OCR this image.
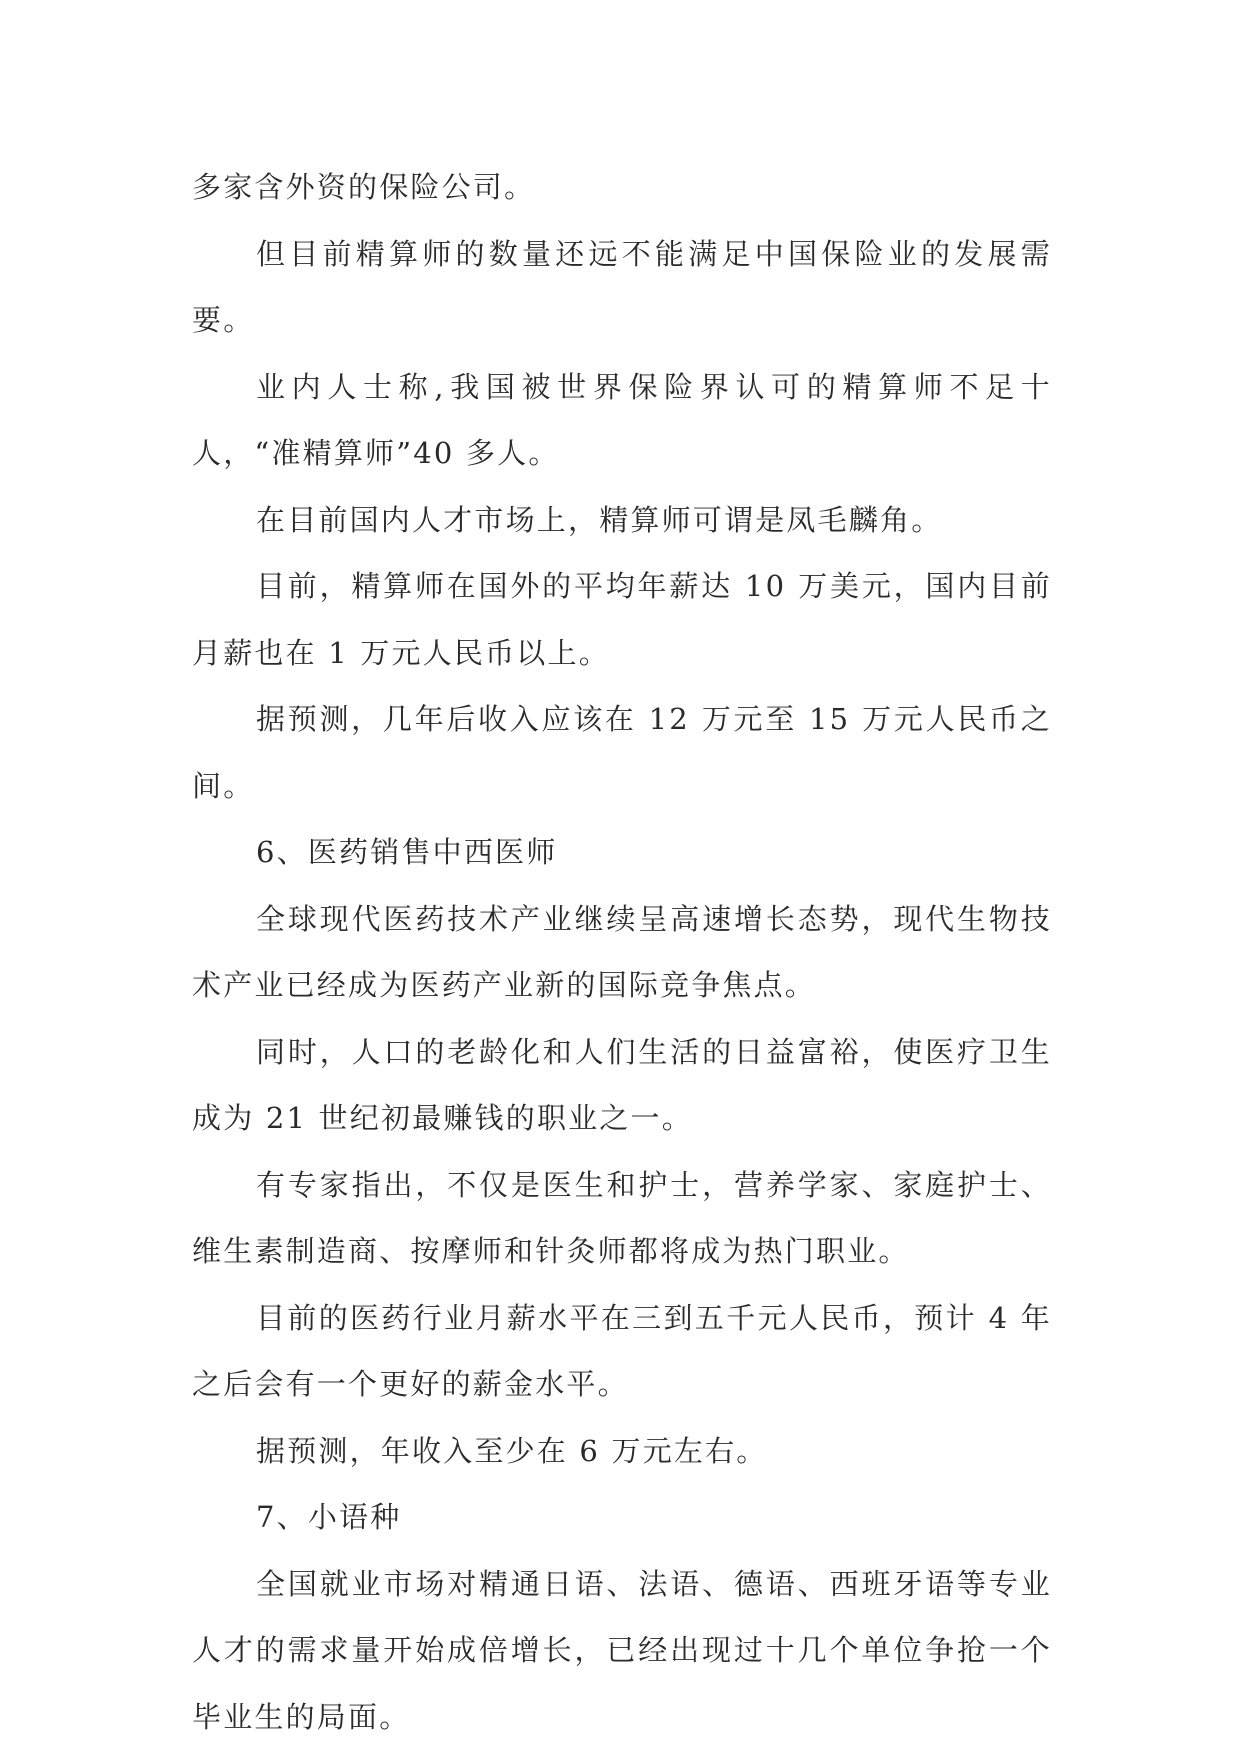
多家含外资的保险公司。

但目前精算师的数量还远不能满足中国保险业的发展需要。

业内人士称,我国被世界保险界认可的精算师不足十人，“准精算师”40 多人。

在目前国内人才市场上，精算师可谓是凤毛麟角。

目前，精算师在国外的平均年薪达 10 万美元，国内目前月薪也在 1 万元人民币以上。

据预测，几年后收入应该在 12 万元至 15 万元人民币之间。

6、医药销售中西医师

全球现代医药技术产业继续呈高速增长态势，现代生物技术产业已经成为医药产业新的国际竞争焦点。

同时，人口的老龄化和人们生活的日益富裕，使医疗卫生成为 21 世纪初最赚钱的职业之一。

有专家指出，不仅是医生和护士，营养学家、家庭护士、维生素制造商、按摩师和针灸师都将成为热门职业。

目前的医药行业月薪水平在三到五千元人民币，预计 4 年之后会有一个更好的薪金水平。

据预测，年收入至少在 6 万元左右。

7、小语种

全国就业市场对精通日语、法语、德语、西班牙语等专业人才的需求量开始成倍增长，已经出现过十几个单位争抢一个毕业生的局面。
